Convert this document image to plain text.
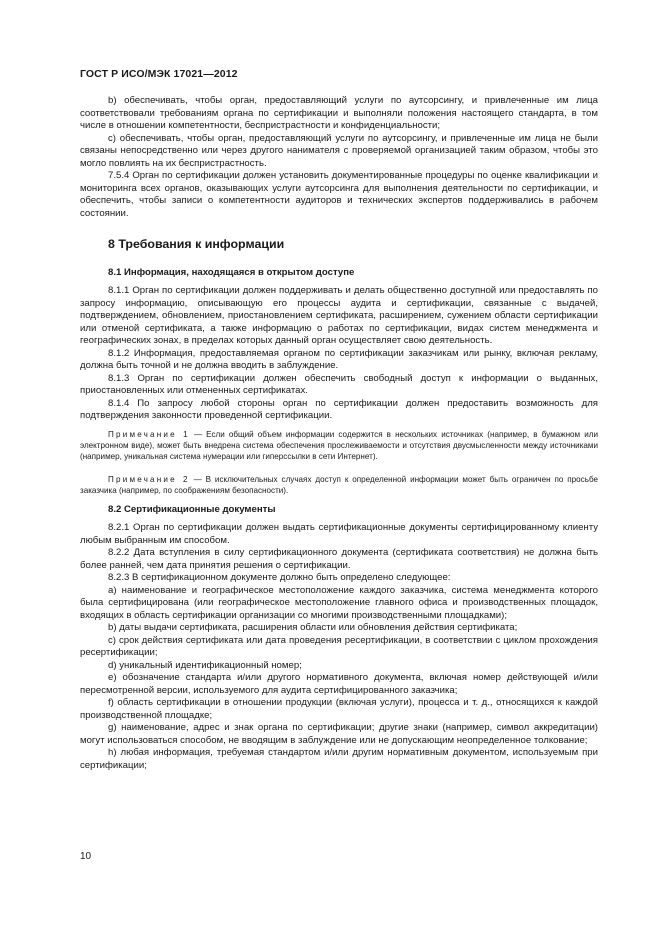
ГОСТ Р ИСО/МЭК 17021—2012

b) обеспечивать, чтобы орган, предоставляющий услуги по аутсорсингу, и привлеченные им лица соответствовали требованиям органа по сертификации и выполняли положения настоящего стандарта, в том числе в отношении компетентности, беспристрастности и конфиденциальности;

c) обеспечивать, чтобы орган, предоставляющий услуги по аутсорсингу, и привлеченные им лица не были связаны непосредственно или через другого нанимателя с проверяемой организацией таким образом, чтобы это могло повлиять на их беспристрастность.

7.5.4 Орган по сертификации должен установить документированные процедуры по оценке квалификации и мониторинга всех органов, оказывающих услуги аутсорсинга для выполнения деятельности по сертификации, и обеспечить, чтобы записи о компетентности аудиторов и технических экспертов поддерживались в рабочем состоянии.

8 Требования к информации
8.1 Информация, находящаяся в открытом доступе

8.1.1 Орган по сертификации должен поддерживать и делать общественно доступной или предоставлять по запросу информацию, описывающую его процессы аудита и сертификации, связанные с выдачей, подтверждением, обновлением, приостановлением сертификата, расширением, сужением области сертификации или отменой сертификата, а также информацию о работах по сертификации, видах систем менеджмента и географических зонах, в пределах которых данный орган осуществляет свою деятельность.

8.1.2 Информация, предоставляемая органом по сертификации заказчикам или рынку, включая рекламу, должна быть точной и не должна вводить в заблуждение.

8.1.3 Орган по сертификации должен обеспечить свободный доступ к информации о выданных, приостановленных или отмененных сертификатах.

8.1.4 По запросу любой стороны орган по сертификации должен предоставить возможность для подтверждения законности проведенной сертификации.

Примечание 1 — Если общий объем информации содержится в нескольких источниках (например, в бумажном или электронном виде), может быть внедрена система обеспечения прослеживаемости и отсутствия двусмысленности между источниками (например, уникальная система нумерации или гиперссылки в сети Интернет).

Примечание 2 — В исключительных случаях доступ к определенной информации может быть ограничен по просьбе заказчика (например, по соображениям безопасности).

8.2 Сертификационные документы

8.2.1 Орган по сертификации должен выдать сертификационные документы сертифицированному клиенту любым выбранным им способом.

8.2.2 Дата вступления в силу сертификационного документа (сертификата соответствия) не должна быть более ранней, чем дата принятия решения о сертификации.

8.2.3 В сертификационном документе должно быть определено следующее:

a) наименование и географическое местоположение каждого заказчика, система менеджмента которого была сертифицирована (или географическое местоположение главного офиса и производственных площадок, входящих в область сертификации организации со многими производственными площадками);

b) даты выдачи сертификата, расширения области или обновления действия сертификата;

c) срок действия сертификата или дата проведения ресертификации, в соответствии с циклом прохождения ресертификации;

d) уникальный идентификационный номер;

e) обозначение стандарта и/или другого нормативного документа, включая номер действующей и/или пересмотренной версии, используемого для аудита сертифицированного заказчика;

f) область сертификации в отношении продукции (включая услуги), процесса и т. д., относящихся к каждой производственной площадке;

g) наименование, адрес и знак органа по сертификации; другие знаки (например, символ аккредитации) могут использоваться способом, не вводящим в заблуждение или не допускающим неопределенное толкование;

h) любая информация, требуемая стандартом и/или другим нормативным документом, используемым при сертификации;

10
